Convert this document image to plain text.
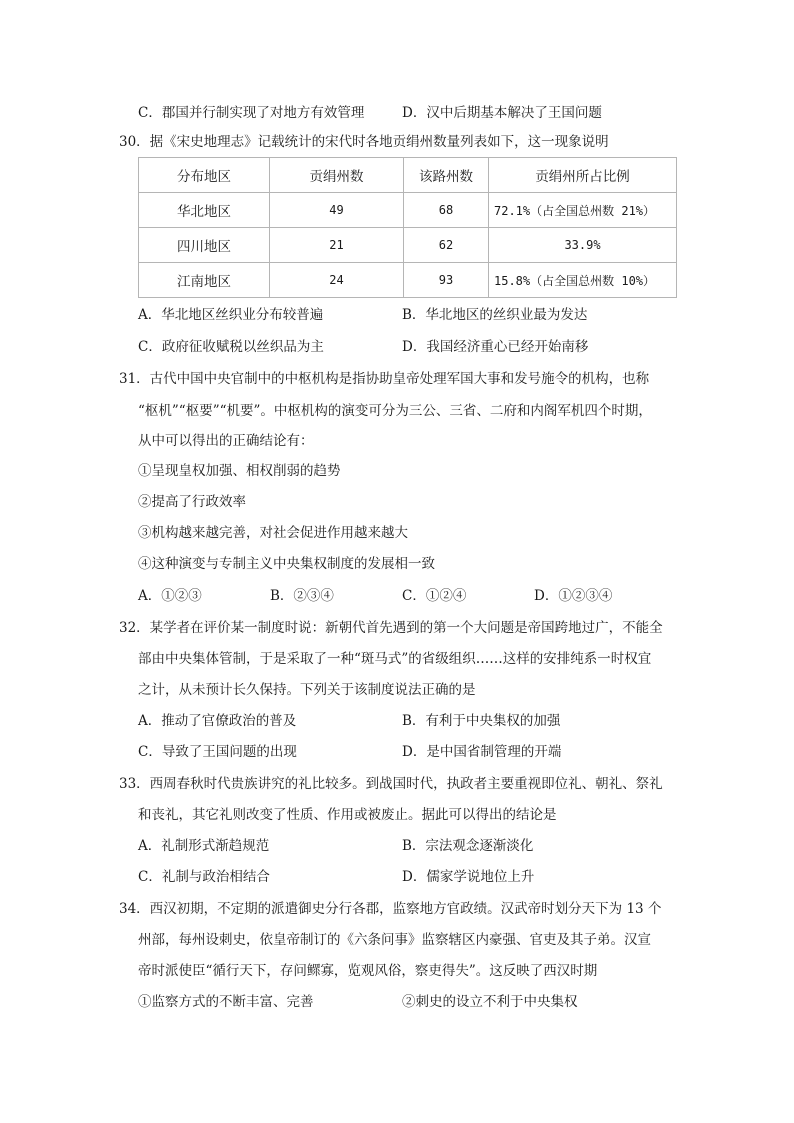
C．郡国并行制实现了对地方有效管理	D．汉中后期基本解决了王国问题
30．据《宋史地理志》记载统计的宋代时各地贡绢州数量列表如下，这一现象说明
分布地区	贡绢州数	该路州数	贡绢州所占比例
华北地区	49	68	72.1%（占全国总州数 21%）
四川地区	21	62	33.9%
江南地区	24	93	15.8%（占全国总州数 10%）
A．华北地区丝织业分布较普遍	B．华北地区的丝织业最为发达
C．政府征收赋税以丝织品为主	D．我国经济重心已经开始南移
31．古代中国中央官制中的中枢机构是指协助皇帝处理军国大事和发号施令的机构，也称
“枢机”“枢要”“机要”。中枢机构的演变可分为三公、三省、二府和内阁军机四个时期，
从中可以得出的正确结论有：
①呈现皇权加强、相权削弱的趋势
②提高了行政效率
③机构越来越完善，对社会促进作用越来越大
④这种演变与专制主义中央集权制度的发展相一致
A．①②③	B．②③④	C．①②④	D．①②③④
32．某学者在评价某一制度时说：新朝代首先遇到的第一个大问题是帝国跨地过广，不能全
部由中央集体管制，于是采取了一种“斑马式”的省级组织……这样的安排纯系一时权宜
之计，从未预计长久保持。下列关于该制度说法正确的是
A．推动了官僚政治的普及	B．有利于中央集权的加强
C．导致了王国问题的出现	D．是中国省制管理的开端
33．西周春秋时代贵族讲究的礼比较多。到战国时代，执政者主要重视即位礼、朝礼、祭礼
和丧礼，其它礼则改变了性质、作用或被废止。据此可以得出的结论是
A．礼制形式渐趋规范	B．宗法观念逐渐淡化
C．礼制与政治相结合	D．儒家学说地位上升
34．西汉初期，不定期的派遣御史分行各郡，监察地方官政绩。汉武帝时划分天下为 13 个
州部，每州设刺史，依皇帝制订的《六条问事》监察辖区内豪强、官吏及其子弟。汉宣
帝时派使臣“循行天下，存问鳏寡，览观风俗，察吏得失”。这反映了西汉时期
①监察方式的不断丰富、完善	②刺史的设立不利于中央集权
